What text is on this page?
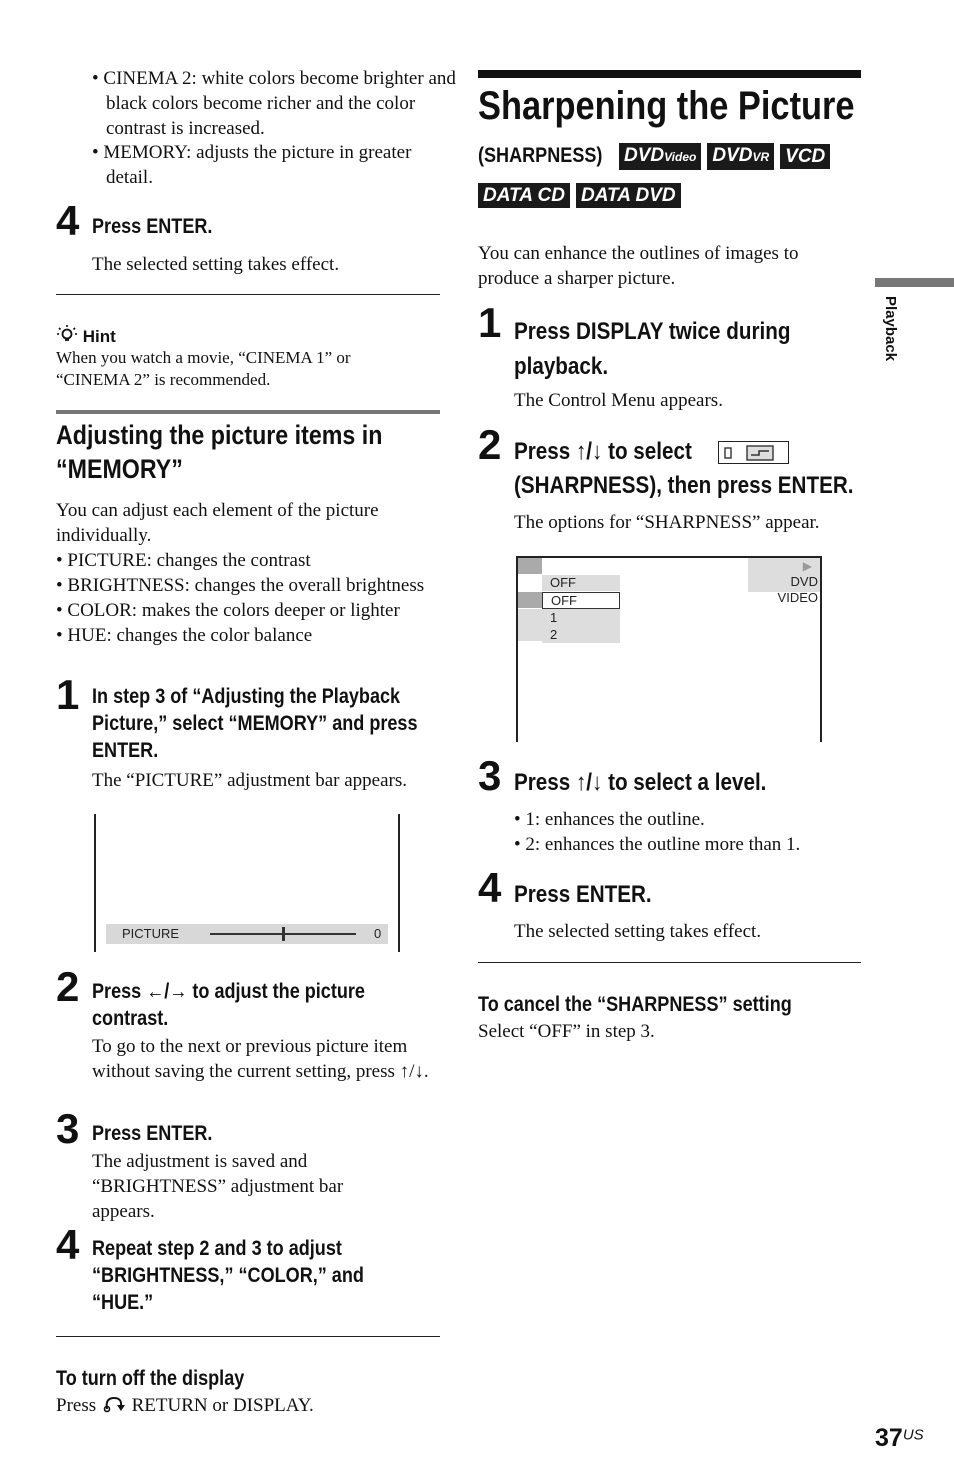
• CINEMA 2: white colors become brighter and black colors become richer and the color contrast is increased.
• MEMORY: adjusts the picture in greater detail.
4 Press ENTER.
The selected setting takes effect.
Hint
When you watch a movie, “CINEMA 1” or “CINEMA 2” is recommended.
Adjusting the picture items in “MEMORY”
You can adjust each element of the picture individually.
• PICTURE: changes the contrast
• BRIGHTNESS: changes the overall brightness
• COLOR: makes the colors deeper or lighter
• HUE: changes the color balance
1 In step 3 of “Adjusting the Playback Picture,” select “MEMORY” and press ENTER.
The “PICTURE” adjustment bar appears.
PICTURE	0
2 Press ←/→ to adjust the picture contrast.
To go to the next or previous picture item without saving the current setting, press ↑/↓.
3 Press ENTER.
The adjustment is saved and “BRIGHTNESS” adjustment bar appears.
4 Repeat step 2 and 3 to adjust “BRIGHTNESS,” “COLOR,” and “HUE.”
To turn off the display
Press RETURN or DISPLAY.
Sharpening the Picture
(SHARPNESS)	DVDVideo DVDVR VCD
DATA CD DATA DVD
You can enhance the outlines of images to produce a sharper picture.
1 Press DISPLAY twice during playback.
The Control Menu appears.
2 Press ↑/↓ to select
(SHARPNESS), then press ENTER.
The options for “SHARPNESS” appear.
OFF
OFF
1
2
▶
DVD VIDEO
3 Press ↑/↓ to select a level.
• 1: enhances the outline.
• 2: enhances the outline more than 1.
4 Press ENTER.
The selected setting takes effect.
To cancel the “SHARPNESS” setting
Select “OFF” in step 3.
Playback
$37^{US}$
